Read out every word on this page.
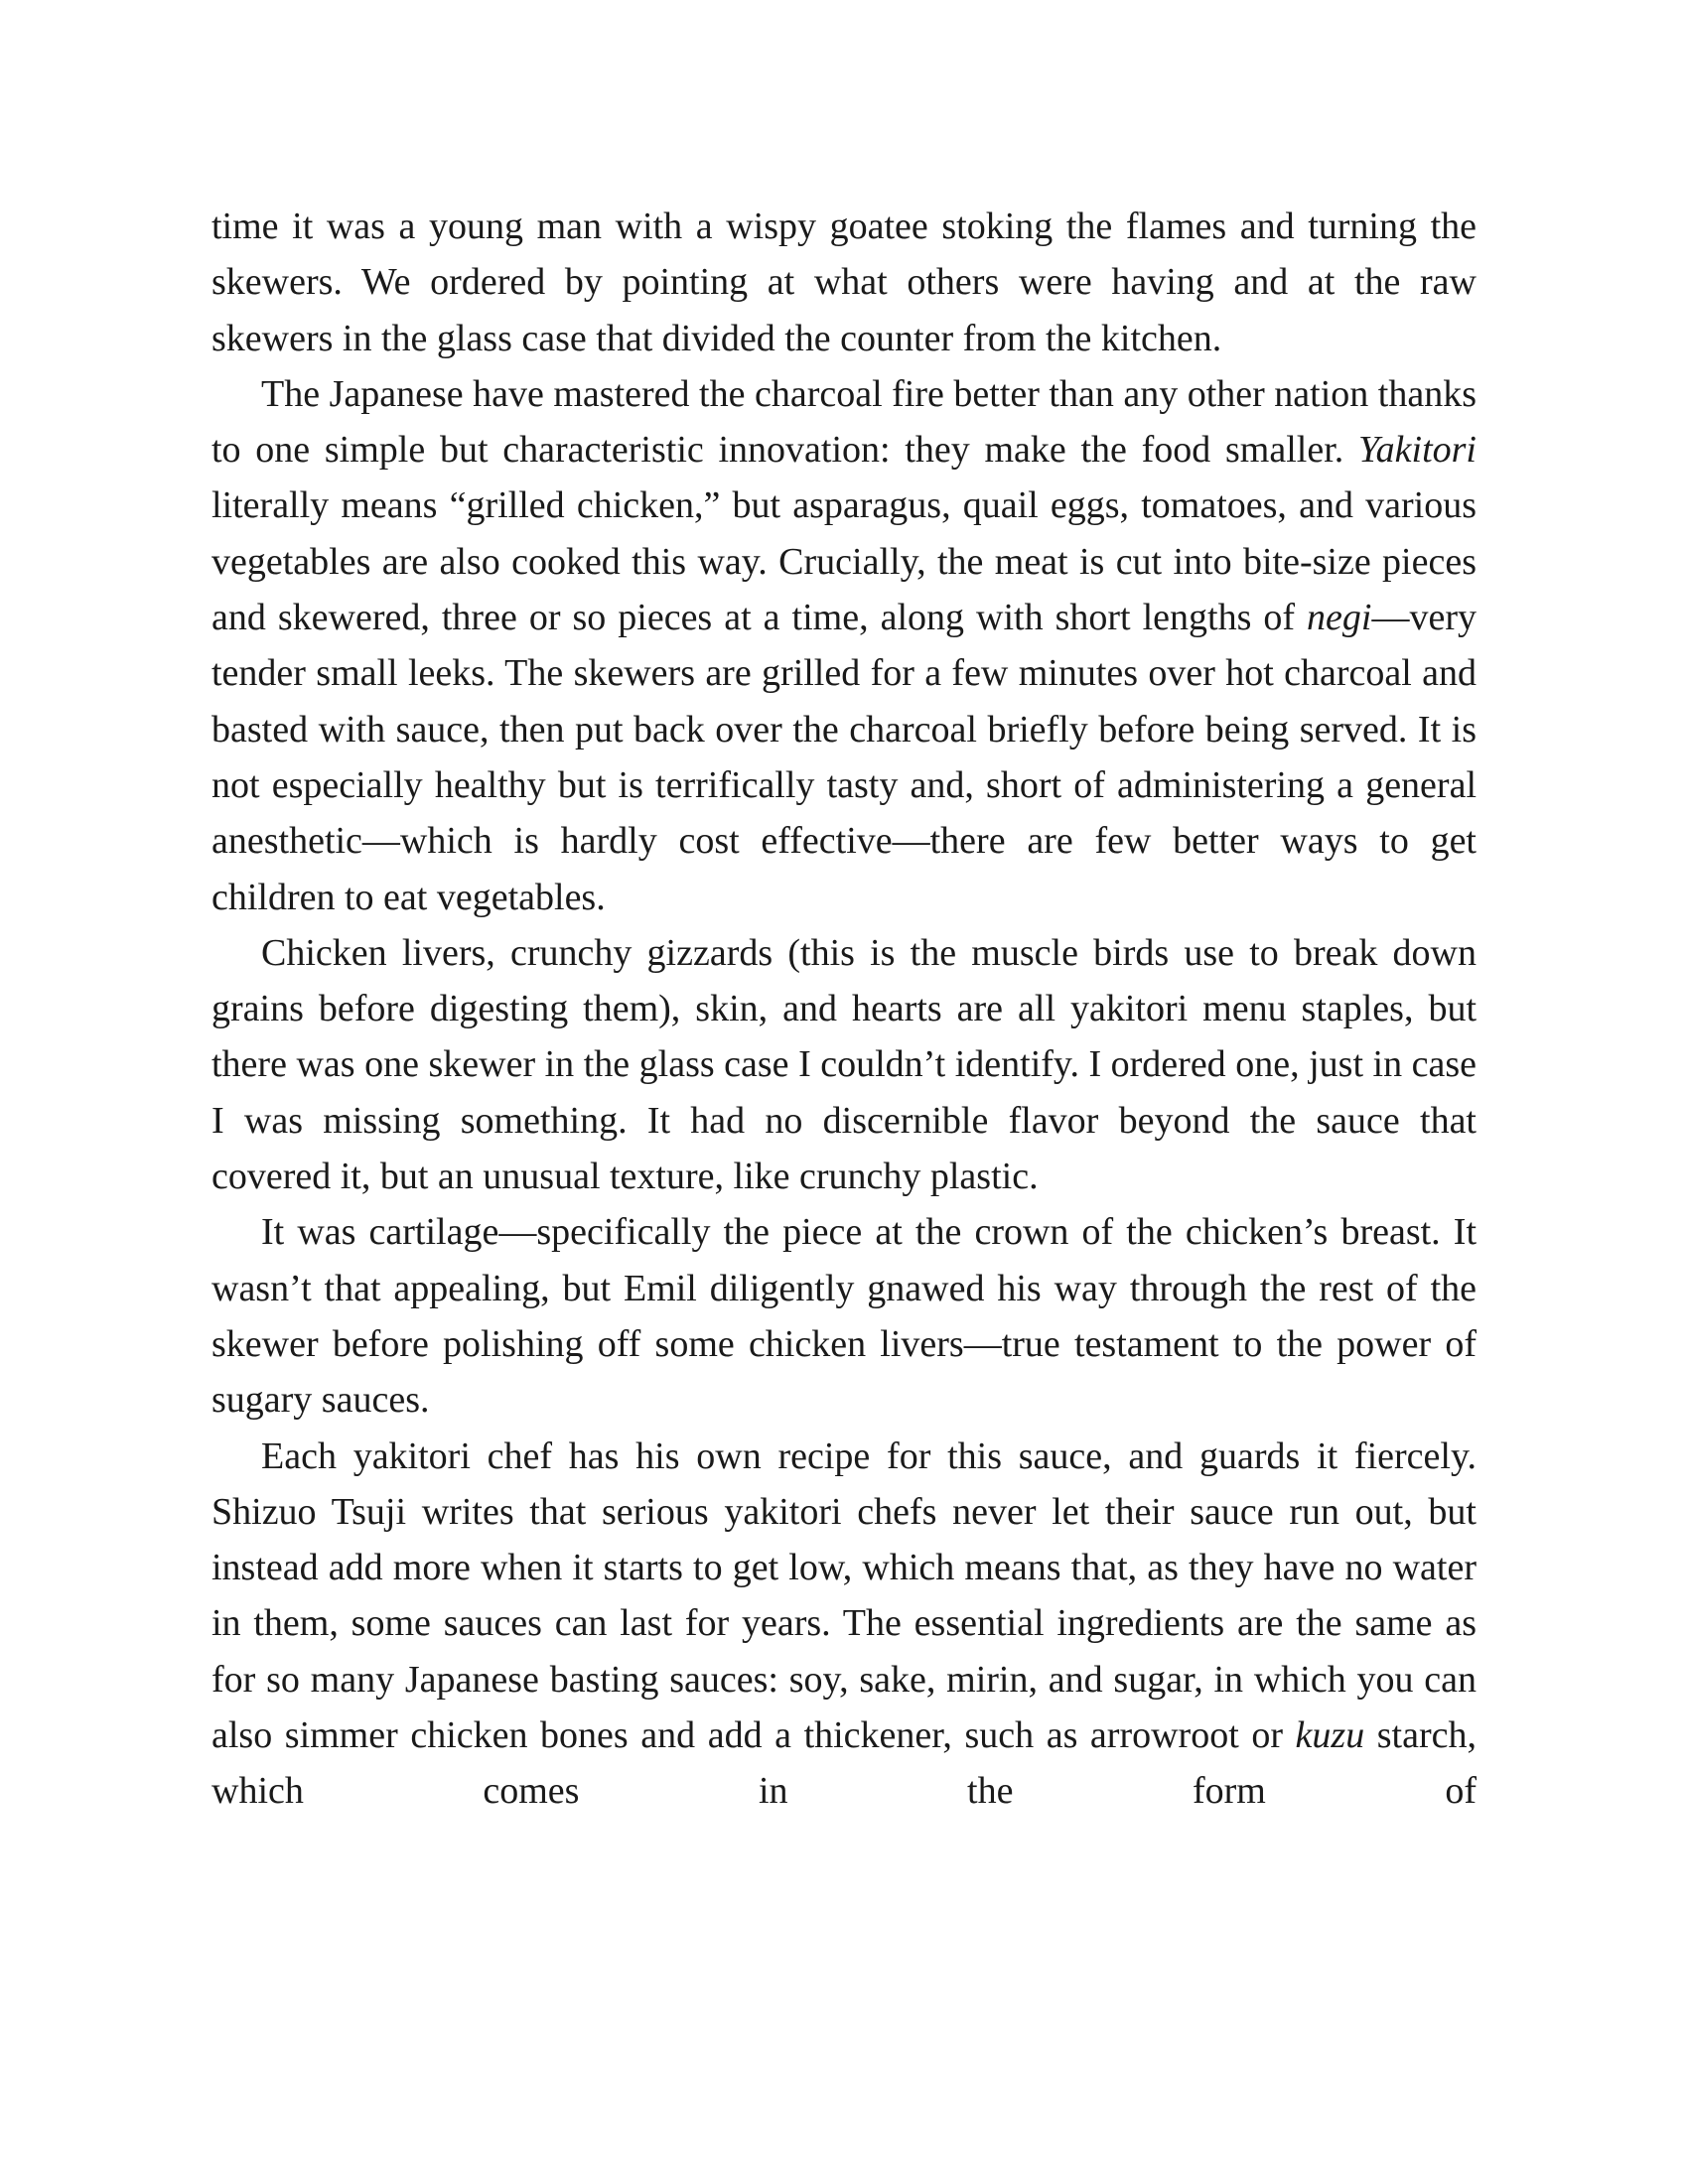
time it was a young man with a wispy goatee stoking the flames and turning the skewers. We ordered by pointing at what others were having and at the raw skewers in the glass case that divided the counter from the kitchen.

The Japanese have mastered the charcoal fire better than any other nation thanks to one simple but characteristic innovation: they make the food smaller. Yakitori literally means “grilled chicken,” but asparagus, quail eggs, tomatoes, and various vegetables are also cooked this way. Crucially, the meat is cut into bite-size pieces and skewered, three or so pieces at a time, along with short lengths of negi—very tender small leeks. The skewers are grilled for a few minutes over hot charcoal and basted with sauce, then put back over the charcoal briefly before being served. It is not especially healthy but is terrifically tasty and, short of administering a general anesthetic—which is hardly cost effective—there are few better ways to get children to eat vegetables.

Chicken livers, crunchy gizzards (this is the muscle birds use to break down grains before digesting them), skin, and hearts are all yakitori menu staples, but there was one skewer in the glass case I couldn’t identify. I ordered one, just in case I was missing something. It had no discernible flavor beyond the sauce that covered it, but an unusual texture, like crunchy plastic.

It was cartilage—specifically the piece at the crown of the chicken’s breast. It wasn’t that appealing, but Emil diligently gnawed his way through the rest of the skewer before polishing off some chicken livers—true testament to the power of sugary sauces.

Each yakitori chef has his own recipe for this sauce, and guards it fiercely. Shizuo Tsuji writes that serious yakitori chefs never let their sauce run out, but instead add more when it starts to get low, which means that, as they have no water in them, some sauces can last for years. The essential ingredients are the same as for so many Japanese basting sauces: soy, sake, mirin, and sugar, in which you can also simmer chicken bones and add a thickener, such as arrowroot or kuzu starch, which comes in the form of
